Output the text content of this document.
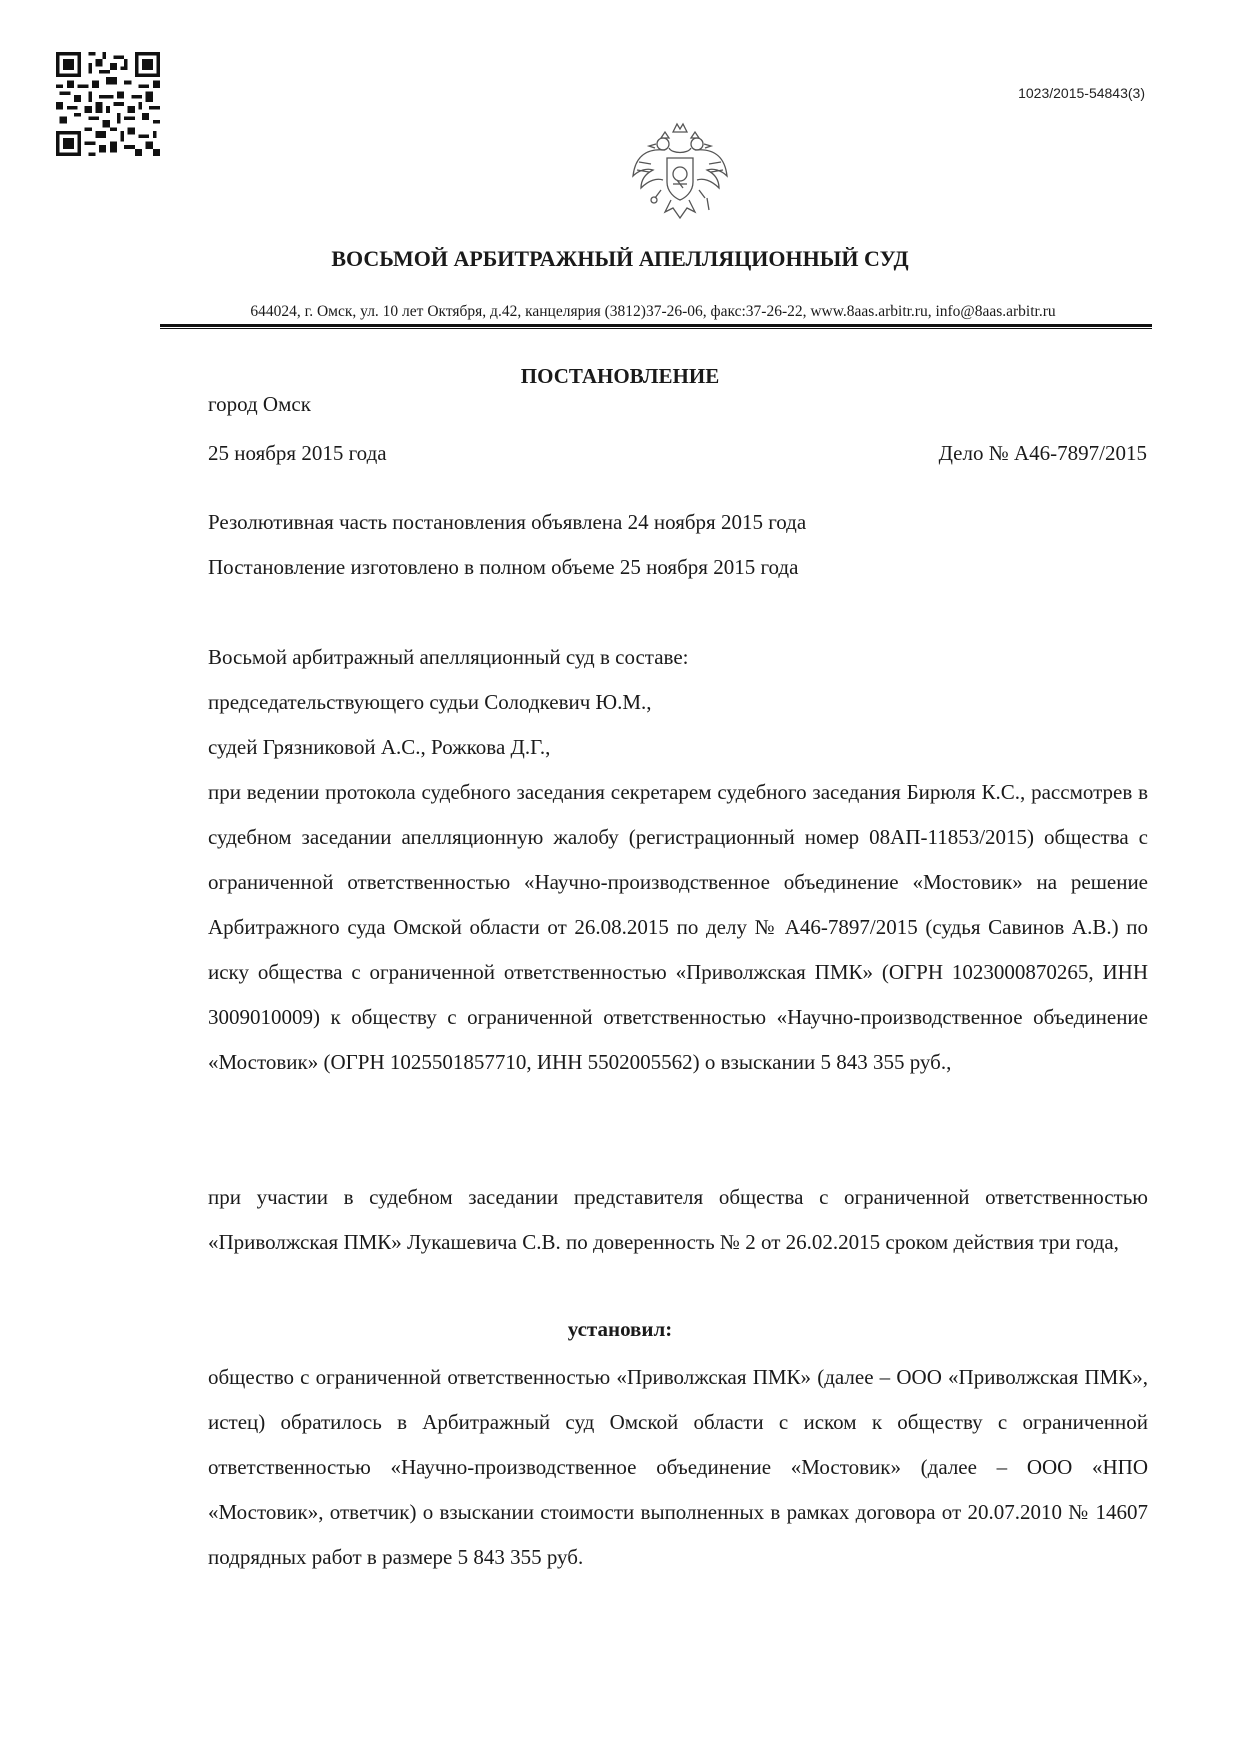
1023/2015-54843(3)
ВОСЬМОЙ АРБИТРАЖНЫЙ АПЕЛЛЯЦИОННЫЙ СУД
644024, г. Омск, ул. 10 лет Октября, д.42, канцелярия (3812)37-26-06, факс:37-26-22, www.8aas.arbitr.ru, info@8aas.arbitr.ru
ПОСТАНОВЛЕНИЕ
город Омск
25 ноября 2015 года	Дело № А46-7897/2015
Резолютивная часть постановления объявлена 24 ноября 2015 года
Постановление изготовлено в полном объеме 25 ноября 2015 года
Восьмой арбитражный апелляционный суд в составе:
председательствующего судьи Солодкевич Ю.М.,
судей Грязниковой А.С., Рожкова Д.Г.,
при ведении протокола судебного заседания секретарем судебного заседания Бирюля К.С., рассмотрев в судебном заседании апелляционную жалобу (регистрационный номер 08АП-11853/2015) общества с ограниченной ответственностью «Научно-производственное объединение «Мостовик» на решение Арбитражного суда Омской области от 26.08.2015 по делу № А46-7897/2015 (судья Савинов А.В.) по иску общества с ограниченной ответственностью «Приволжская ПМК» (ОГРН 1023000870265, ИНН 3009010009) к обществу с ограниченной ответственностью «Научно-производственное объединение «Мостовик» (ОГРН 1025501857710, ИНН 5502005562) о взыскании 5 843 355 руб.,
при участии в судебном заседании представителя общества с ограниченной ответственностью «Приволжская ПМК» Лукашевича С.В. по доверенность № 2 от 26.02.2015 сроком действия три года,
установил:
общество с ограниченной ответственностью «Приволжская ПМК» (далее – ООО «Приволжская ПМК», истец) обратилось в Арбитражный суд Омской области с иском к обществу с ограниченной ответственностью «Научно-производственное объединение «Мостовик» (далее – ООО «НПО «Мостовик», ответчик) о взыскании стоимости выполненных в рамках договора от 20.07.2010 № 14607 подрядных работ в размере 5 843 355 руб.
